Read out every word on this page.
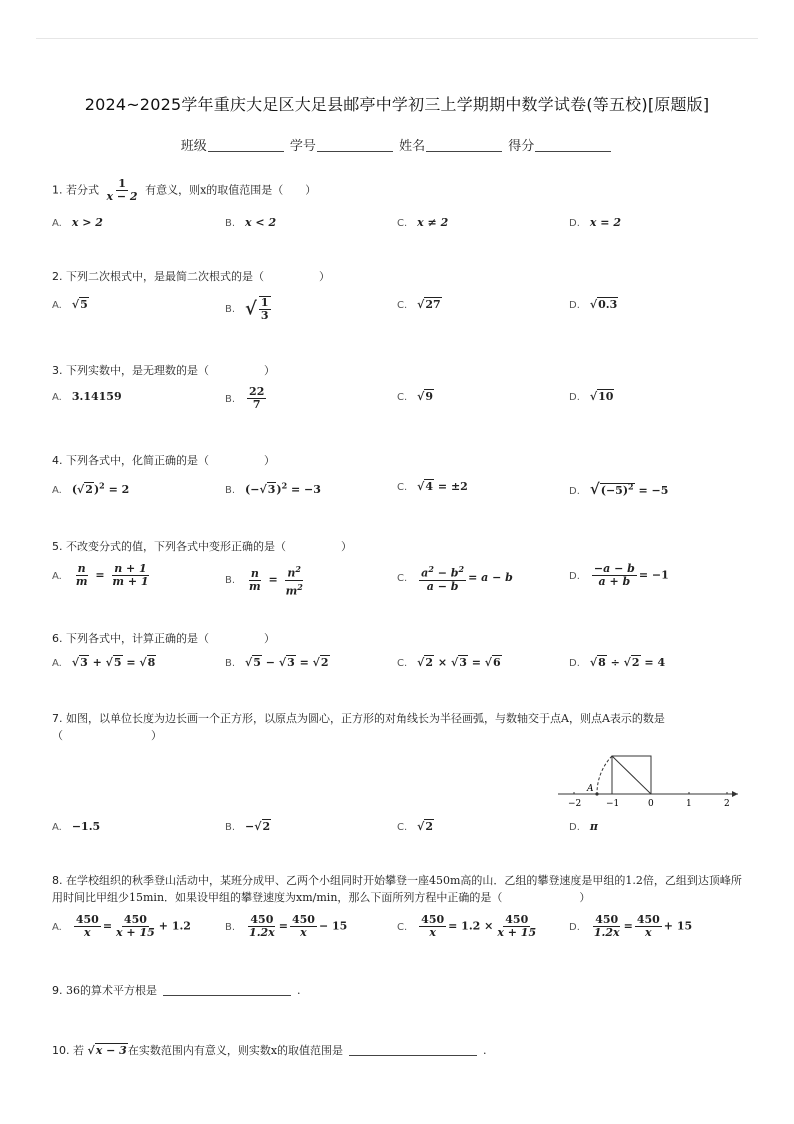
2024~2025学年重庆大足区大足县邮亭中学初三上学期期中数学试卷(等五校)[原题版]
班级	学号	姓名	得分
1. 若分式 $\frac{1}{x - 2}$ 有意义，则x的取值范围是（　　）
A. x > 2	B. x < 2	C. x ≠ 2	D. x = 2
2. 下列二次根式中，是最简二次根式的是（　　　　　）
A. √5	B. √ $\frac{1}{3}$	C. √27	D. √0.3
3. 下列实数中，是无理数的是（　　　　　）
A. 3.14159	B. $\frac{22}{7}$	C. √9	D. √10
4. 下列各式中，化简正确的是（　　　　　）
A. $(√2)^2 = 2$	B. $(-√3)^2 = -3$	C. √4 = ±2	D. $√(-5)^2 = -5$
5. 不改变分式的值，下列各式中变形正确的是（　　　　　）
A. $\frac{n}{m} = \frac{n + 1}{m + 1}$	B. $\frac{n}{m} = \frac{n^2}{m^2}$	C. $\frac{a^2 - b^2}{a - b} = a - b$	D. $\frac{-a - b}{a + b} = -1$
6. 下列各式中，计算正确的是（　　　　　）
A. √3 + √5 = √8	B. √5 − √3 = √2	C. √2 × √3 = √6	D. √8 ÷ √2 = 4
7. 如图，以单位长度为边长画一个正方形，以原点为圆心，正方形的对角线长为半径画弧，与数轴交于点A，则点A表示的数是（　　　　　　　　）
A
−2	−1	0	1	2
A. −1.5	B. −√2	C. √2	D. π
8. 在学校组织的秋季登山活动中，某班分成甲、乙两个小组同时开始攀登一座450m高的山．乙组的攀登速度是甲组的1.2倍，乙组到达顶峰所用时间比甲组少15min．如果设甲组的攀登速度为xm/min，那么下面所列方程中正确的是（　　　　　　　）
A. $\frac{450}{x} = \frac{450}{x + 15} + 1.2$	B. $\frac{450}{1.2x} = \frac{450}{x} - 15$	C. $\frac{450}{x} = 1.2 \times \frac{450}{x + 15}$	D. $\frac{450}{1.2x} = \frac{450}{x} + 15$
9. 36的算术平方根是	.
10. 若 √x − 3在实数范围内有意义，则实数x的取值范围是	.
